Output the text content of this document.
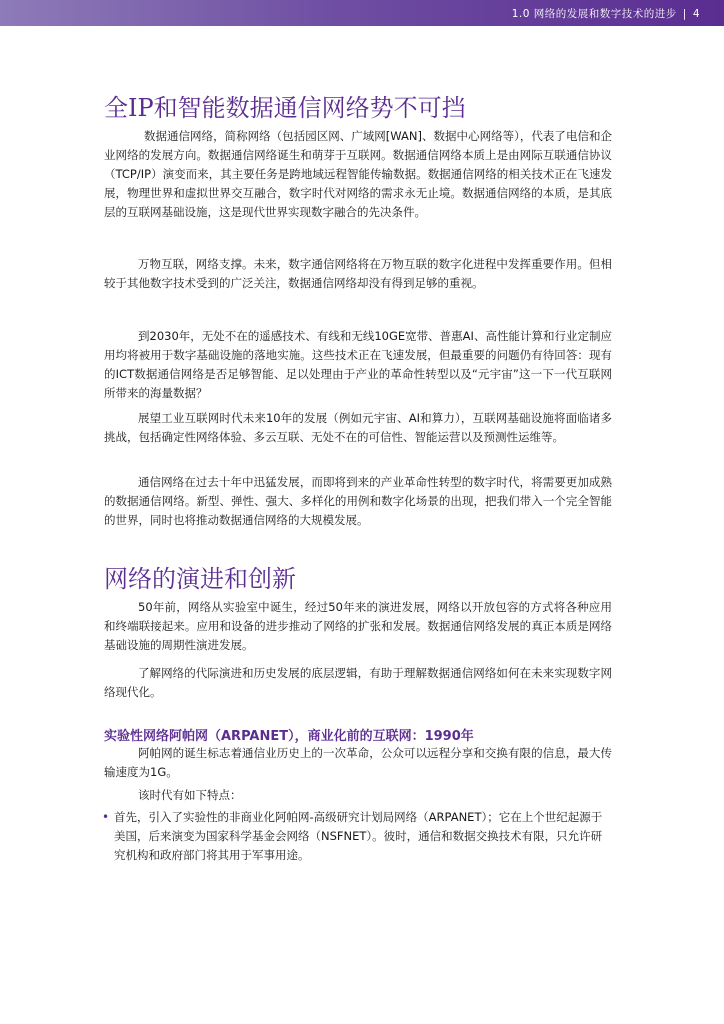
1.0 网络的发展和数字技术的进步 | 4
全IP和智能数据通信网络势不可挡

数据通信网络，简称网络（包括园区网、广域网[WAN]、数据中心网络等），代表了电信和企业网络的发展方向。数据通信网络诞生和萌芽于互联网。数据通信网络本质上是由网际互联通信协议（TCP/IP）演变而来，其主要任务是跨地域远程智能传输数据。数据通信网络的相关技术正在飞速发展，物理世界和虚拟世界交互融合，数字时代对网络的需求永无止境。数据通信网络的本质，是其底层的互联网基础设施，这是现代世界实现数字融合的先决条件。

万物互联，网络支撑。未来，数字通信网络将在万物互联的数字化进程中发挥重要作用。但相较于其他数字技术受到的广泛关注，数据通信网络却没有得到足够的重视。

到2030年，无处不在的遥感技术、有线和无线10GE宽带、普惠AI、高性能计算和行业定制应用均将被用于数字基础设施的落地实施。这些技术正在飞速发展，但最重要的问题仍有待回答：现有的ICT数据通信网络是否足够智能、足以处理由于产业的革命性转型以及“元宇宙”这一下一代互联网所带来的海量数据？

展望工业互联网时代未来10年的发展（例如元宇宙、AI和算力），互联网基础设施将面临诸多挑战，包括确定性网络体验、多云互联、无处不在的可信性、智能运营以及预测性运维等。

通信网络在过去十年中迅猛发展，而即将到来的产业革命性转型的数字时代，将需要更加成熟的数据通信网络。新型、弹性、强大、多样化的用例和数字化场景的出现，把我们带入一个完全智能的世界，同时也将推动数据通信网络的大规模发展。

网络的演进和创新

50年前，网络从实验室中诞生，经过50年来的演进发展，网络以开放包容的方式将各种应用和终端联接起来。应用和设备的进步推动了网络的扩张和发展。数据通信网络发展的真正本质是网络基础设施的周期性演进发展。

了解网络的代际演进和历史发展的底层逻辑，有助于理解数据通信网络如何在未来实现数字网络现代化。

实验性网络阿帕网（ARPANET），商业化前的互联网：1990年

阿帕网的诞生标志着通信业历史上的一次革命，公众可以远程分享和交换有限的信息，最大传输速度为1G。

该时代有如下特点：

• 首先，引入了实验性的非商业化阿帕网-高级研究计划局网络（ARPANET）；它在上个世纪起源于美国，后来演变为国家科学基金会网络（NSFNET）。彼时，通信和数据交换技术有限，只允许研究机构和政府部门将其用于军事用途。
